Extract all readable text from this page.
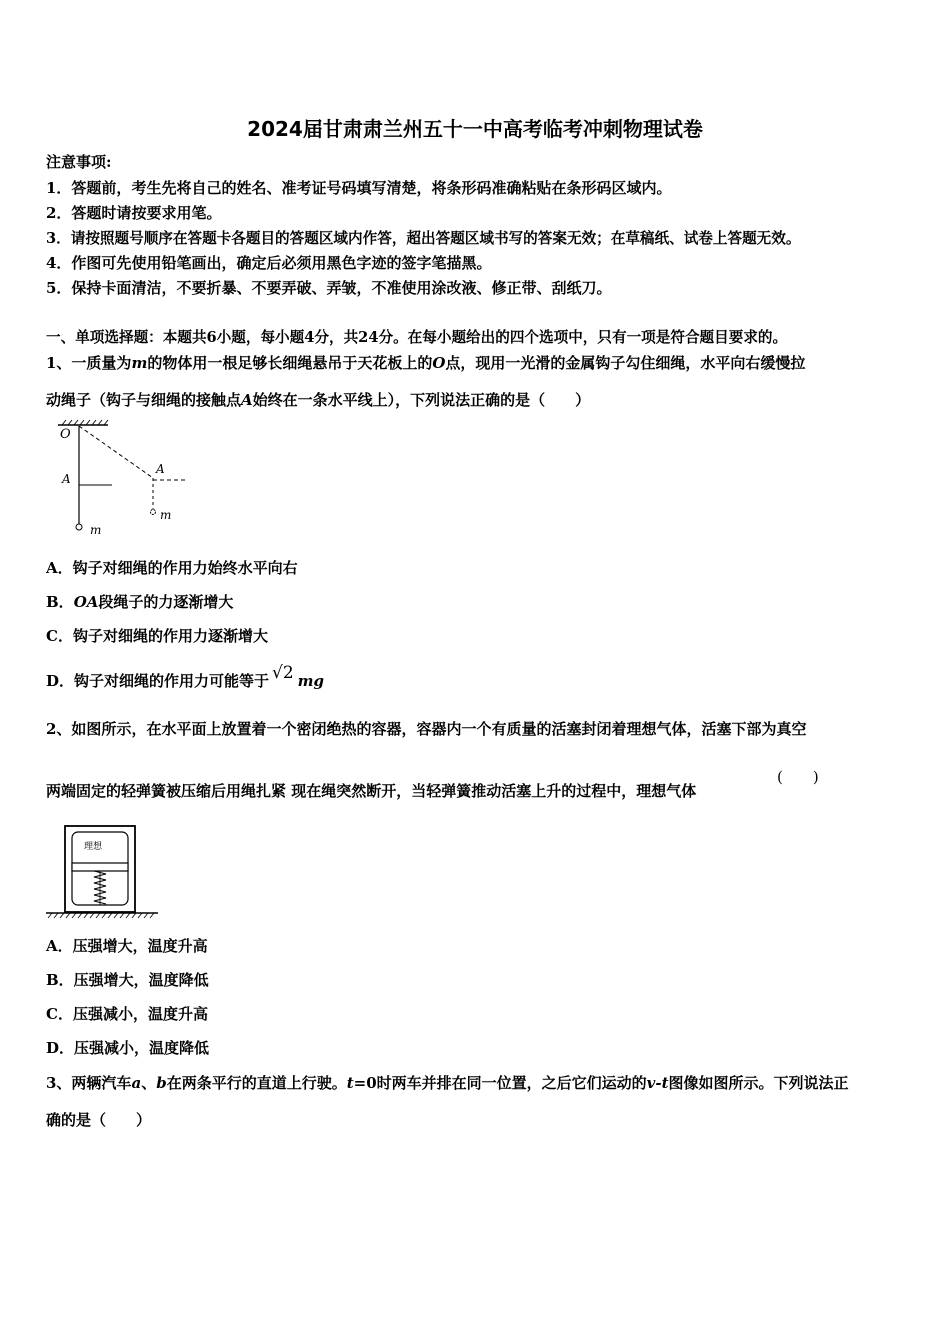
2024届甘肃肃兰州五十一中高考临考冲刺物理试卷
注意事项:
1．答题前，考生先将自己的姓名、准考证号码填写清楚，将条形码准确粘贴在条形码区域内。
2．答题时请按要求用笔。
3．请按照题号顺序在答题卡各题目的答题区域内作答，超出答题区域书写的答案无效；在草稿纸、试卷上答题无效。
4．作图可先使用铅笔画出，确定后必须用黑色字迹的签字笔描黑。
5．保持卡面清洁，不要折暴、不要弄破、弄皱，不准使用涂改液、修正带、刮纸刀。
一、单项选择题：本题共6小题，每小题4分，共24分。在每小题给出的四个选项中，只有一项是符合题目要求的。
1、一质量为m的物体用一根足够长细绳悬吊于天花板上的O点，现用一光滑的金属钩子勾住细绳，水平向右缓慢拉
动绳子（钩子与细绳的接触点A始终在一条水平线上），下列说法正确的是（　　）
O
A
m
A
m
A．钩子对细绳的作用力始终水平向右
B．OA段绳子的力逐渐增大
C．钩子对细绳的作用力逐渐增大
D．钩子对细绳的作用力可能等于 √2 mg
2、如图所示，在水平面上放置着一个密闭绝热的容器，容器内一个有质量的活塞封闭着理想气体，活塞下部为真空
两端固定的轻弹簧被压缩后用绳扎紧 现在绳突然断开，当轻弹簧推动活塞上升的过程中，理想气体
(　　)
理想
A．压强增大，温度升高
B．压强增大，温度降低
C．压强减小，温度升高
D．压强减小，温度降低
3、两辆汽车a、b在两条平行的直道上行驶。t=0时两车并排在同一位置，之后它们运动的v-t图像如图所示。下列说法正
确的是（　　）
